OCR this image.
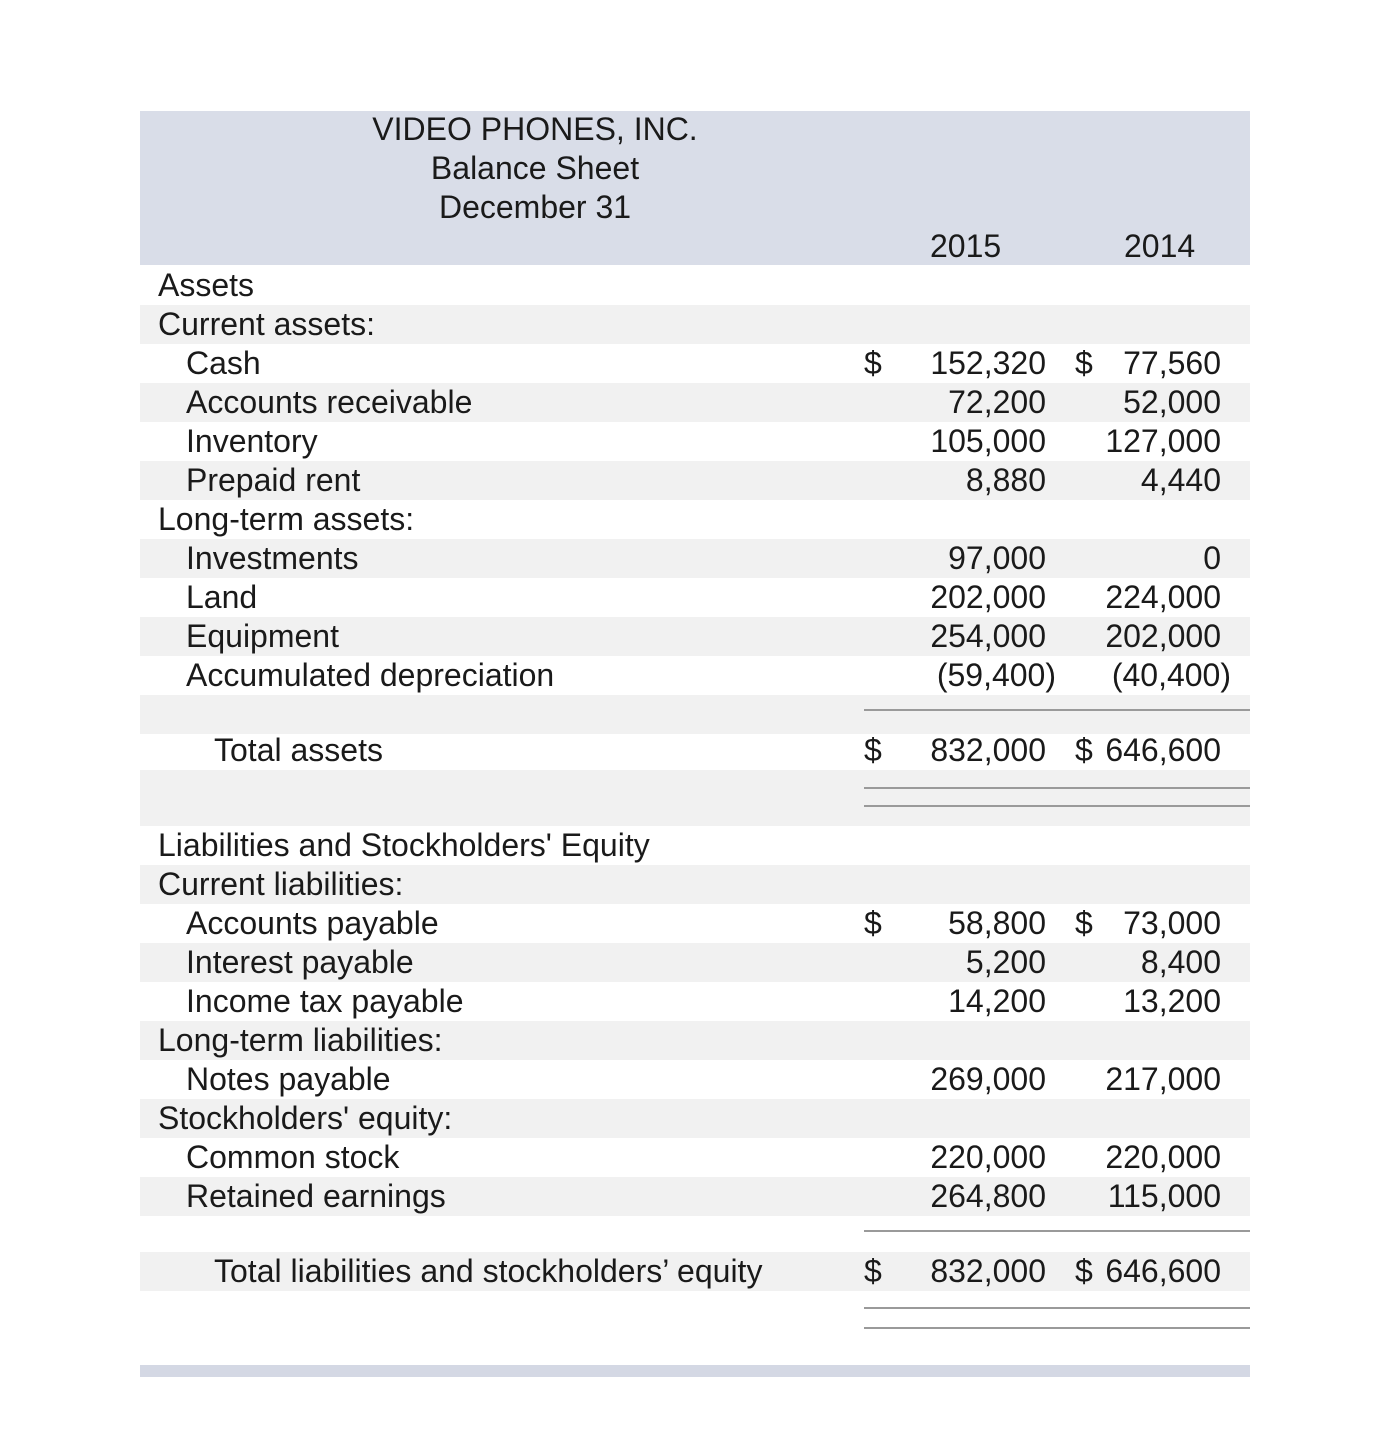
VIDEO PHONES, INC.
Balance Sheet
December 31
2015	2014
Assets
Current assets:
Cash	$ 152,320 $ 77,560
Accounts receivable	72,200 52,000
Inventory	105,000 127,000
Prepaid rent	8,880	4,440
Long-term assets:
Investments	97,000	0
Land	202,000 224,000
Equipment	254,000 202,000
Accumulated depreciation	(59,400) (40,400)
Total assets	$ 832,000 $ 646,600
Liabilities and Stockholders' Equity
Current liabilities:
Accounts payable	$ 58,800 $ 73,000
Interest payable	5,200	8,400
Income tax payable	14,200 13,200
Long-term liabilities:
Notes payable	269,000 217,000
Stockholders' equity:
Common stock	220,000 220,000
Retained earnings	264,800 115,000
Total liabilities and stockholders’ equity	$ 832,000 $ 646,600
